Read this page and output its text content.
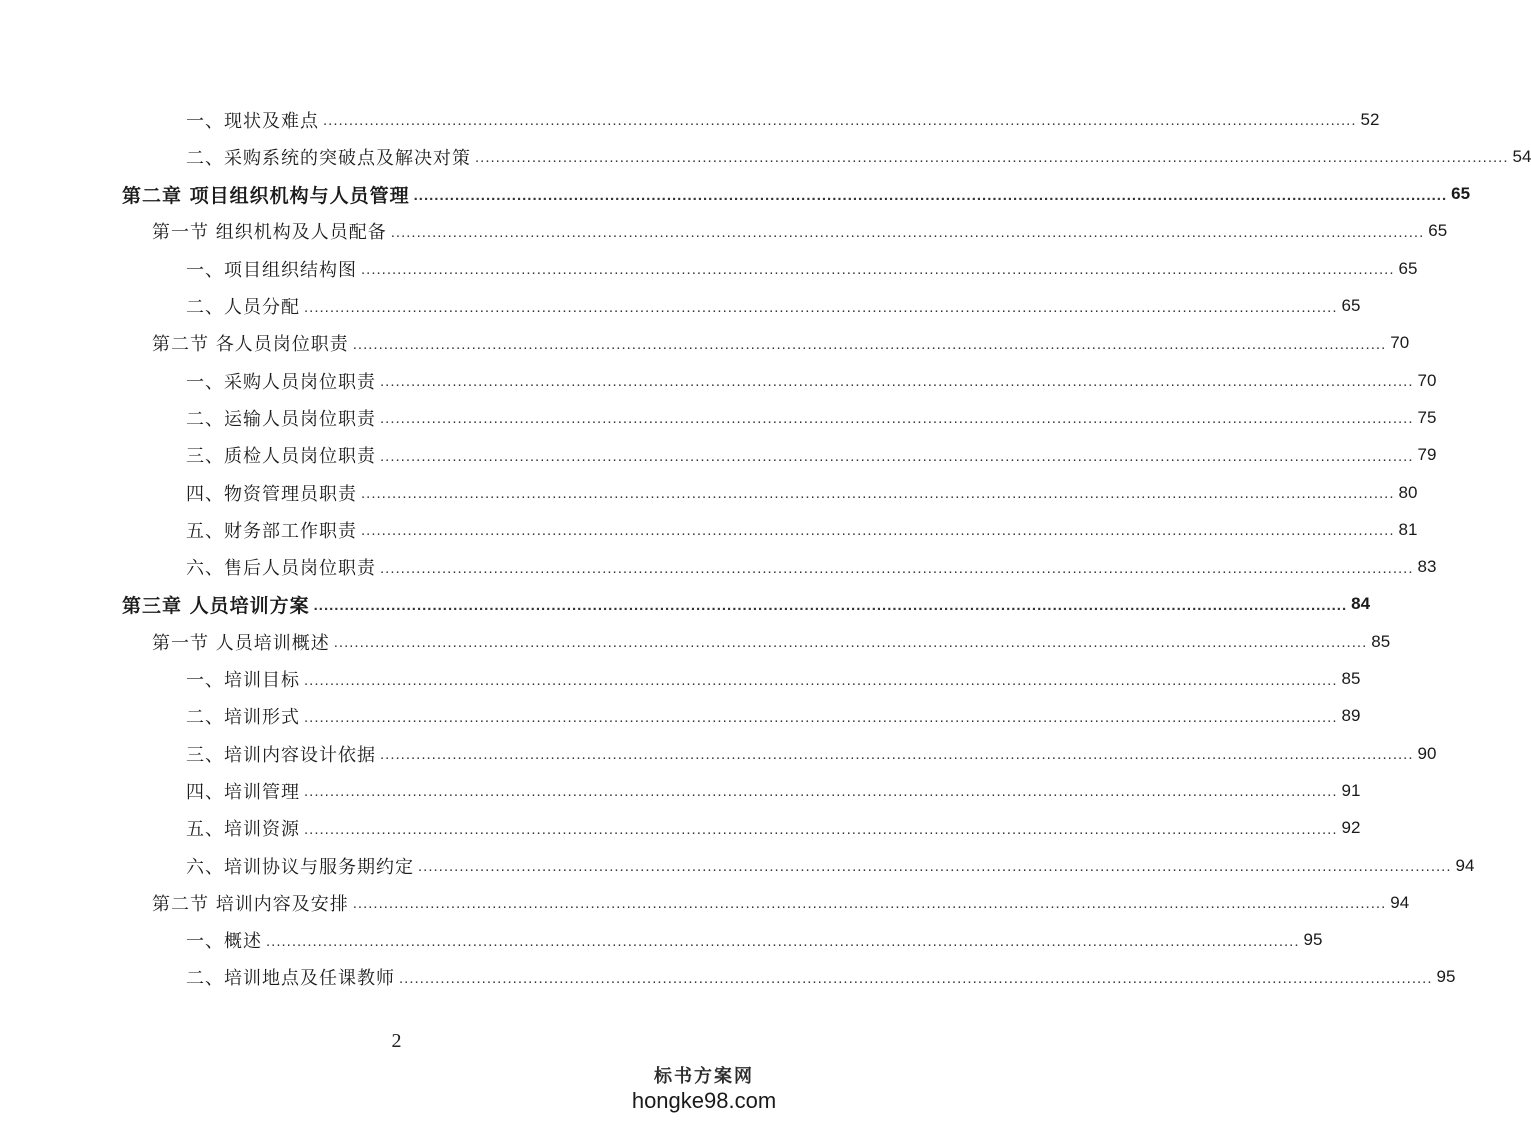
一、现状及难点 ........................................................................................................................................................................................................ 52
二、采购系统的突破点及解决对策 ........................................................................................................................................................................................................ 54
第二章 项目组织机构与人员管理 ........................................................................................................................................................................................................ 65
第一节 组织机构及人员配备 ........................................................................................................................................................................................................ 65
一、项目组织结构图 ........................................................................................................................................................................................................ 65
二、人员分配 ........................................................................................................................................................................................................ 65
第二节 各人员岗位职责 ........................................................................................................................................................................................................ 70
一、采购人员岗位职责 ........................................................................................................................................................................................................ 70
二、运输人员岗位职责 ........................................................................................................................................................................................................ 75
三、质检人员岗位职责 ........................................................................................................................................................................................................ 79
四、物资管理员职责 ........................................................................................................................................................................................................ 80
五、财务部工作职责 ........................................................................................................................................................................................................ 81
六、售后人员岗位职责 ........................................................................................................................................................................................................ 83
第三章 人员培训方案 ........................................................................................................................................................................................................ 84
第一节 人员培训概述 ........................................................................................................................................................................................................ 85
一、培训目标 ........................................................................................................................................................................................................ 85
二、培训形式 ........................................................................................................................................................................................................ 89
三、培训内容设计依据 ........................................................................................................................................................................................................ 90
四、培训管理 ........................................................................................................................................................................................................ 91
五、培训资源 ........................................................................................................................................................................................................ 92
六、培训协议与服务期约定 ........................................................................................................................................................................................................ 94
第二节 培训内容及安排 ........................................................................................................................................................................................................ 94
一、概述 ........................................................................................................................................................................................................ 95
二、培训地点及任课教师 ........................................................................................................................................................................................................ 95
2
标书方案网
hongke98.com
